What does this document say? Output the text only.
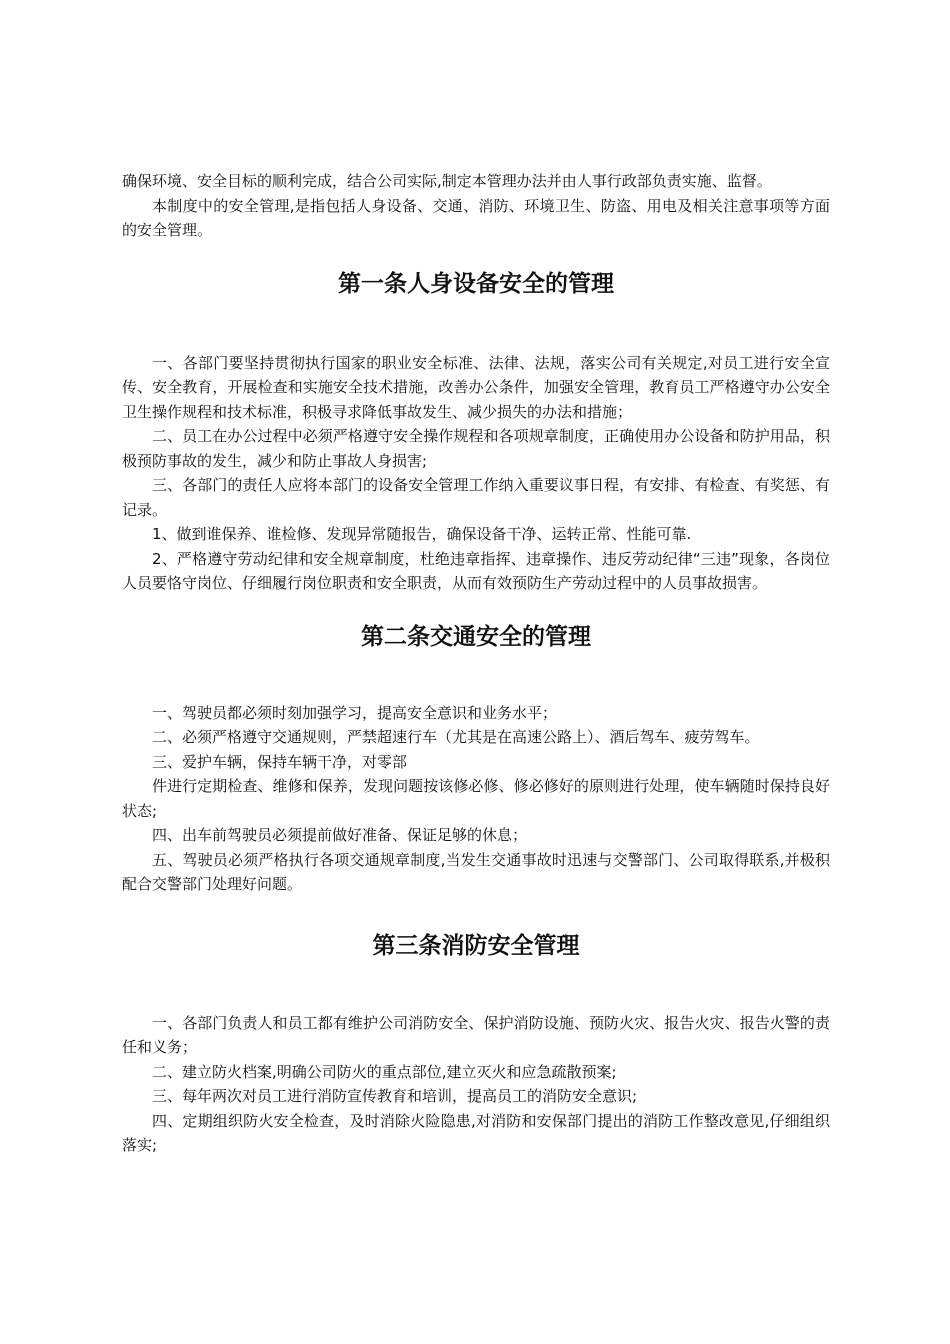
确保环境、安全目标的顺利完成，结合公司实际,制定本管理办法并由人事行政部负责实施、监督。

本制度中的安全管理,是指包括人身设备、交通、消防、环境卫生、防盗、用电及相关注意事项等方面的安全管理。

第一条人身设备安全的管理

一、各部门要坚持贯彻执行国家的职业安全标准、法律、法规，落实公司有关规定,对员工进行安全宣传、安全教育，开展检查和实施安全技术措施，改善办公条件，加强安全管理，教育员工严格遵守办公安全卫生操作规程和技术标准，积极寻求降低事故发生、减少损失的办法和措施；

二、员工在办公过程中必须严格遵守安全操作规程和各项规章制度，正确使用办公设备和防护用品，积极预防事故的发生，减少和防止事故人身损害;

三、各部门的责任人应将本部门的设备安全管理工作纳入重要议事日程，有安排、有检查、有奖惩、有记录。

1、做到谁保养、谁检修、发现异常随报告，确保设备干净、运转正常、性能可靠.

2、严格遵守劳动纪律和安全规章制度，杜绝违章指挥、违章操作、违反劳动纪律“三违”现象，各岗位人员要恪守岗位、仔细履行岗位职责和安全职责，从而有效预防生产劳动过程中的人员事故损害。

第二条交通安全的管理

一、驾驶员都必须时刻加强学习，提高安全意识和业务水平；

二、必须严格遵守交通规则，严禁超速行车（尤其是在高速公路上）、酒后驾车、疲劳驾车。

三、爱护车辆，保持车辆干净，对零部

件进行定期检查、维修和保养，发现问题按该修必修、修必修好的原则进行处理，使车辆随时保持良好状态;

四、出车前驾驶员必须提前做好准备、保证足够的休息；

五、驾驶员必须严格执行各项交通规章制度,当发生交通事故时迅速与交警部门、公司取得联系,并极积配合交警部门处理好问题。

第三条消防安全管理

一、各部门负责人和员工都有维护公司消防安全、保护消防设施、预防火灾、报告火灾、报告火警的责任和义务；

二、建立防火档案,明确公司防火的重点部位,建立灭火和应急疏散预案;

三、每年两次对员工进行消防宣传教育和培训，提高员工的消防安全意识;

四、定期组织防火安全检查，及时消除火险隐患,对消防和安保部门提出的消防工作整改意见,仔细组织落实;
